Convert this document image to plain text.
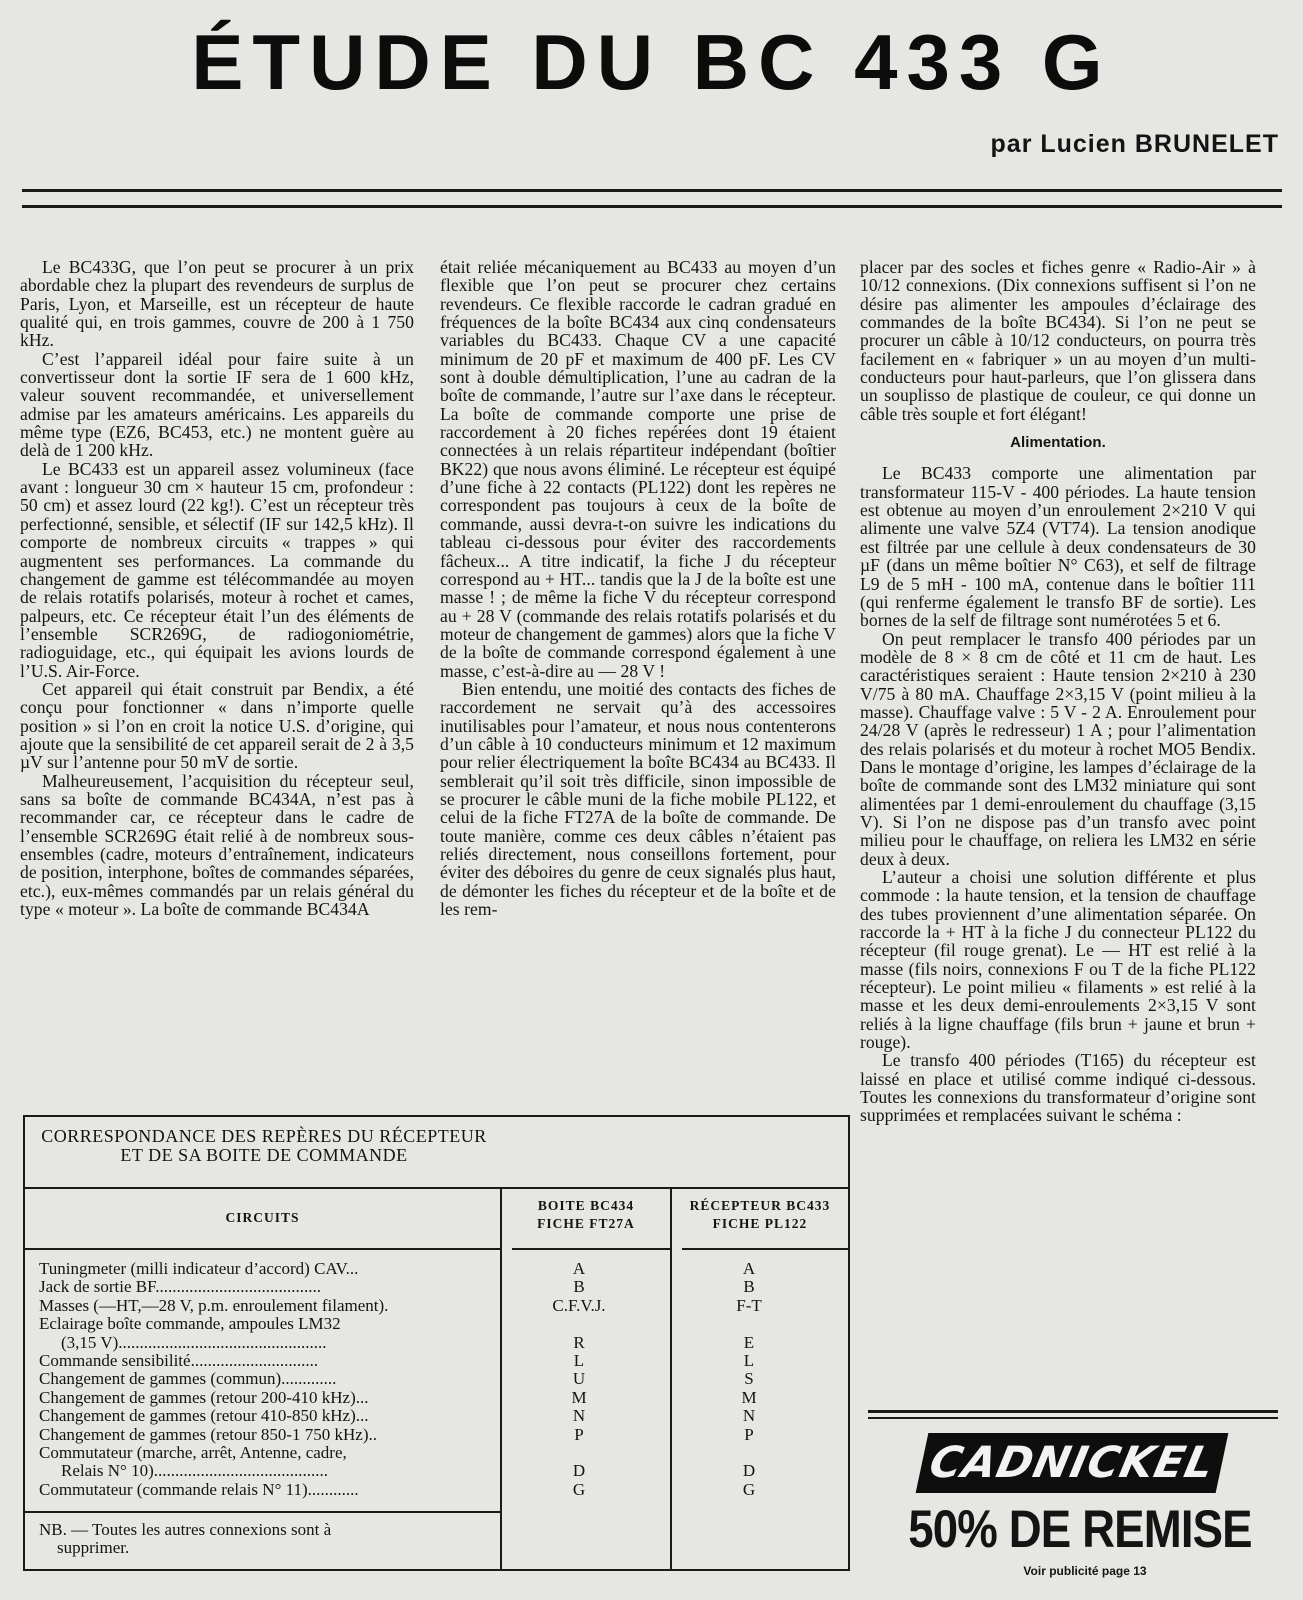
ÉTUDE DU BC 433 G
par Lucien BRUNELET

Le BC433G, que l’on peut se procurer à un prix abordable chez la plupart des revendeurs de surplus de Paris, Lyon, et Marseille, est un récepteur de haute qualité qui, en trois gammes, couvre de 200 à 1 750 kHz.

C’est l’appareil idéal pour faire suite à un convertisseur dont la sortie IF sera de 1 600 kHz, valeur souvent recommandée, et universellement admise par les amateurs américains. Les appareils du même type (EZ6, BC453, etc.) ne montent guère au delà de 1 200 kHz.

Le BC433 est un appareil assez volumineux (face avant : longueur 30 cm × hauteur 15 cm, profondeur : 50 cm) et assez lourd (22 kg!). C’est un récepteur très perfectionné, sensible, et sélectif (IF sur 142,5 kHz). Il comporte de nombreux circuits « trappes » qui augmentent ses performances. La commande du changement de gamme est télécommandée au moyen de relais rotatifs polarisés, moteur à rochet et cames, palpeurs, etc. Ce récepteur était l’un des éléments de l’ensemble SCR269G, de radiogoniométrie, radioguidage, etc., qui équipait les avions lourds de l’U.S. Air-Force.

Cet appareil qui était construit par Bendix, a été conçu pour fonctionner « dans n’importe quelle position » si l’on en croit la notice U.S. d’origine, qui ajoute que la sensibilité de cet appareil serait de 2 à 3,5 µV sur l’antenne pour 50 mV de sortie.

Malheureusement, l’acquisition du récepteur seul, sans sa boîte de commande BC434A, n’est pas à recommander car, ce récepteur dans le cadre de l’ensemble SCR269G était relié à de nombreux sous-ensembles (cadre, moteurs d’entraînement, indicateurs de position, interphone, boîtes de commandes séparées, etc.), eux-mêmes commandés par un relais général du type « moteur ». La boîte de commande BC434A

était reliée mécaniquement au BC433 au moyen d’un flexible que l’on peut se procurer chez certains revendeurs. Ce flexible raccorde le cadran gradué en fréquences de la boîte BC434 aux cinq condensateurs variables du BC433. Chaque CV a une capacité minimum de 20 pF et maximum de 400 pF. Les CV sont à double démultiplication, l’une au cadran de la boîte de commande, l’autre sur l’axe dans le récepteur. La boîte de commande comporte une prise de raccordement à 20 fiches repérées dont 19 étaient connectées à un relais répartiteur indépendant (boîtier BK22) que nous avons éliminé. Le récepteur est équipé d’une fiche à 22 contacts (PL122) dont les repères ne correspondent pas toujours à ceux de la boîte de commande, aussi devra-t-on suivre les indications du tableau ci-dessous pour éviter des raccordements fâcheux... A titre indicatif, la fiche J du récepteur correspond au + HT... tandis que la J de la boîte est une masse ! ; de même la fiche V du récepteur correspond au + 28 V (commande des relais rotatifs polarisés et du moteur de changement de gammes) alors que la fiche V de la boîte de commande correspond également à une masse, c’est-à-dire au — 28 V !

Bien entendu, une moitié des contacts des fiches de raccordement ne servait qu’à des accessoires inutilisables pour l’amateur, et nous nous contenterons d’un câble à 10 conducteurs minimum et 12 maximum pour relier électriquement la boîte BC434 au BC433. Il semblerait qu’il soit très difficile, sinon impossible de se procurer le câble muni de la fiche mobile PL122, et celui de la fiche FT27A de la boîte de commande. De toute manière, comme ces deux câbles n’étaient pas reliés directement, nous conseillons fortement, pour éviter des déboires du genre de ceux signalés plus haut, de démonter les fiches du récepteur et de la boîte et de les rem-

placer par des socles et fiches genre « Radio-Air » à 10/12 connexions. (Dix connexions suffisent si l’on ne désire pas alimenter les ampoules d’éclairage des commandes de la boîte BC434). Si l’on ne peut se procurer un câble à 10/12 conducteurs, on pourra très facilement en « fabriquer » un au moyen d’un multi-conducteurs pour haut-parleurs, que l’on glissera dans un souplisso de plastique de couleur, ce qui donne un câble très souple et fort élégant!

Alimentation.

Le BC433 comporte une alimentation par transformateur 115-V - 400 périodes. La haute tension est obtenue au moyen d’un enroulement 2×210 V qui alimente une valve 5Z4 (VT74). La tension anodique est filtrée par une cellule à deux condensateurs de 30 µF (dans un même boîtier N° C63), et self de filtrage L9 de 5 mH - 100 mA, contenue dans le boîtier 111 (qui renferme également le transfo BF de sortie). Les bornes de la self de filtrage sont numérotées 5 et 6.

On peut remplacer le transfo 400 périodes par un modèle de 8 × 8 cm de côté et 11 cm de haut. Les caractéristiques seraient : Haute tension 2×210 à 230 V/75 à 80 mA. Chauffage 2×3,15 V (point milieu à la masse). Chauffage valve : 5 V - 2 A. Enroulement pour 24/28 V (après le redresseur) 1 A ; pour l’alimentation des relais polarisés et du moteur à rochet MO5 Bendix. Dans le montage d’origine, les lampes d’éclairage de la boîte de commande sont des LM32 miniature qui sont alimentées par 1 demi-enroulement du chauffage (3,15 V). Si l’on ne dispose pas d’un transfo avec point milieu pour le chauffage, on reliera les LM32 en série deux à deux.

L’auteur a choisi une solution différente et plus commode : la haute tension, et la tension de chauffage des tubes proviennent d’une alimentation séparée. On raccorde la + HT à la fiche J du connecteur PL122 du récepteur (fil rouge grenat). Le — HT est relié à la masse (fils noirs, connexions F ou T de la fiche PL122 récepteur). Le point milieu « filaments » est relié à la masse et les deux demi-enroulements 2×3,15 V sont reliés à la ligne chauffage (fils brun + jaune et brun + rouge).

Le transfo 400 périodes (T165) du récepteur est laissé en place et utilisé comme indiqué ci-dessous. Toutes les connexions du transformateur d’origine sont supprimées et remplacées suivant le schéma :

CORRESPONDANCE DES REPÈRES DU RÉCEPTEUR
ET DE SA BOITE DE COMMANDE
CIRCUITS
BOITE BC434
FICHE FT27A
RÉCEPTEUR BC433
FICHE PL122
Tuningmeter (milli indicateur d’accord) CAV...	A	A
Jack de sortie BF.......................................	B	B
Masses (—HT,—28 V, p.m. enroulement filament).	C.F.V.J.	F-T
Eclairage boîte commande, ampoules LM32
(3,15 V).................................................	R	E
Commande sensibilité..............................	L	L
Changement de gammes (commun).............	U	S
Changement de gammes (retour 200-410 kHz)...	M	M
Changement de gammes (retour 410-850 kHz)...	N	N
Changement de gammes (retour 850-1 750 kHz)..	P	P
Commutateur (marche, arrêt, Antenne, cadre,
Relais N° 10).........................................	D	D
Commutateur (commande relais N° 11)............	G	G
NB. — Toutes les autres connexions sont à
supprimer.
CADNICKEL
50% DE REMISE
Voir publicité page 13
